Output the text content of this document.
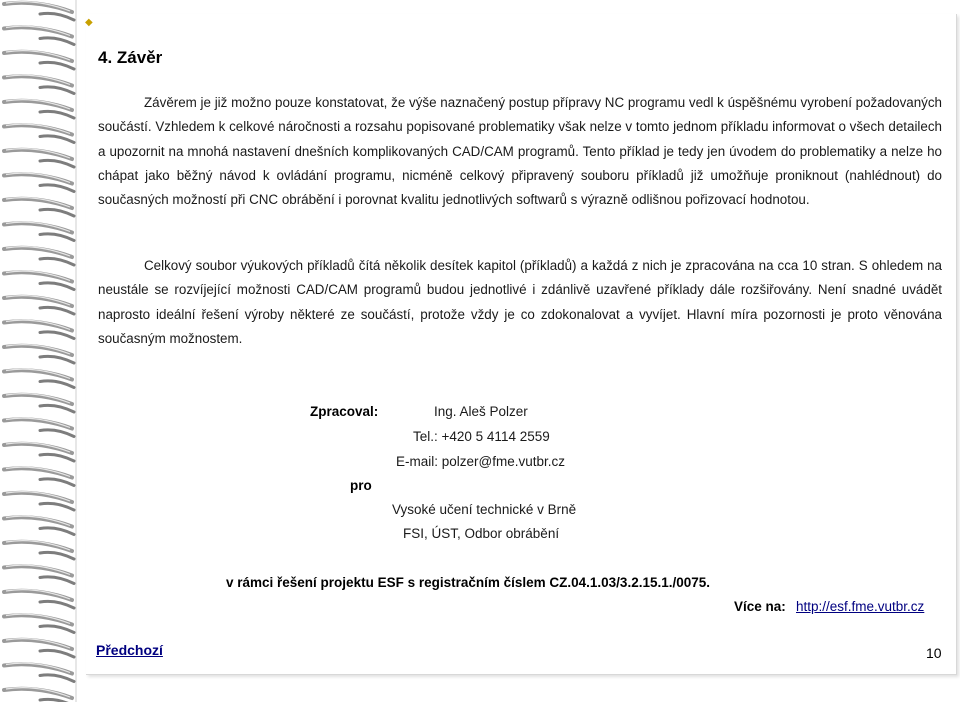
◆
4. Závěr

Závěrem je již možno pouze konstatovat, že výše naznačený postup přípravy NC programu vedl k úspěšnému vyrobení požadovaných součástí. Vzhledem k celkové náročnosti a rozsahu popisované problematiky však nelze v tomto jednom příkladu informovat o všech detailech a upozornit na mnohá nastavení dnešních komplikovaných CAD/CAM programů. Tento příklad je tedy jen úvodem do problematiky a nelze ho chápat jako běžný návod k ovládání programu, nicméně celkový připravený souboru příkladů již umožňuje proniknout (nahlédnout) do současných možností při CNC obrábění i porovnat kvalitu jednotlivých softwarů s výrazně odlišnou pořizovací hodnotou.

Celkový soubor výukových příkladů čítá několik desítek kapitol (příkladů) a každá z nich je zpracována na cca 10 stran. S ohledem na neustále se rozvíjející možnosti CAD/CAM programů budou jednotlivé i zdánlivě uzavřené příklady dále rozšiřovány. Není snadné uvádět naprosto ideální řešení výroby některé ze součástí, protože vždy je co zdokonalovat a vyvíjet. Hlavní míra pozornosti je proto věnována současným možnostem.

Zpracoval:	Ing. Aleš Polzer
Tel.: +420 5 4114 2559
E-mail: polzer@fme.vutbr.cz
pro
Vysoké učení technické v Brně
FSI, ÚST, Odbor obrábění
v rámci řešení projektu ESF s registračním číslem CZ.04.1.03/3.2.15.1./0075.
Více na: http://esf.fme.vutbr.cz
Předchozí	10
